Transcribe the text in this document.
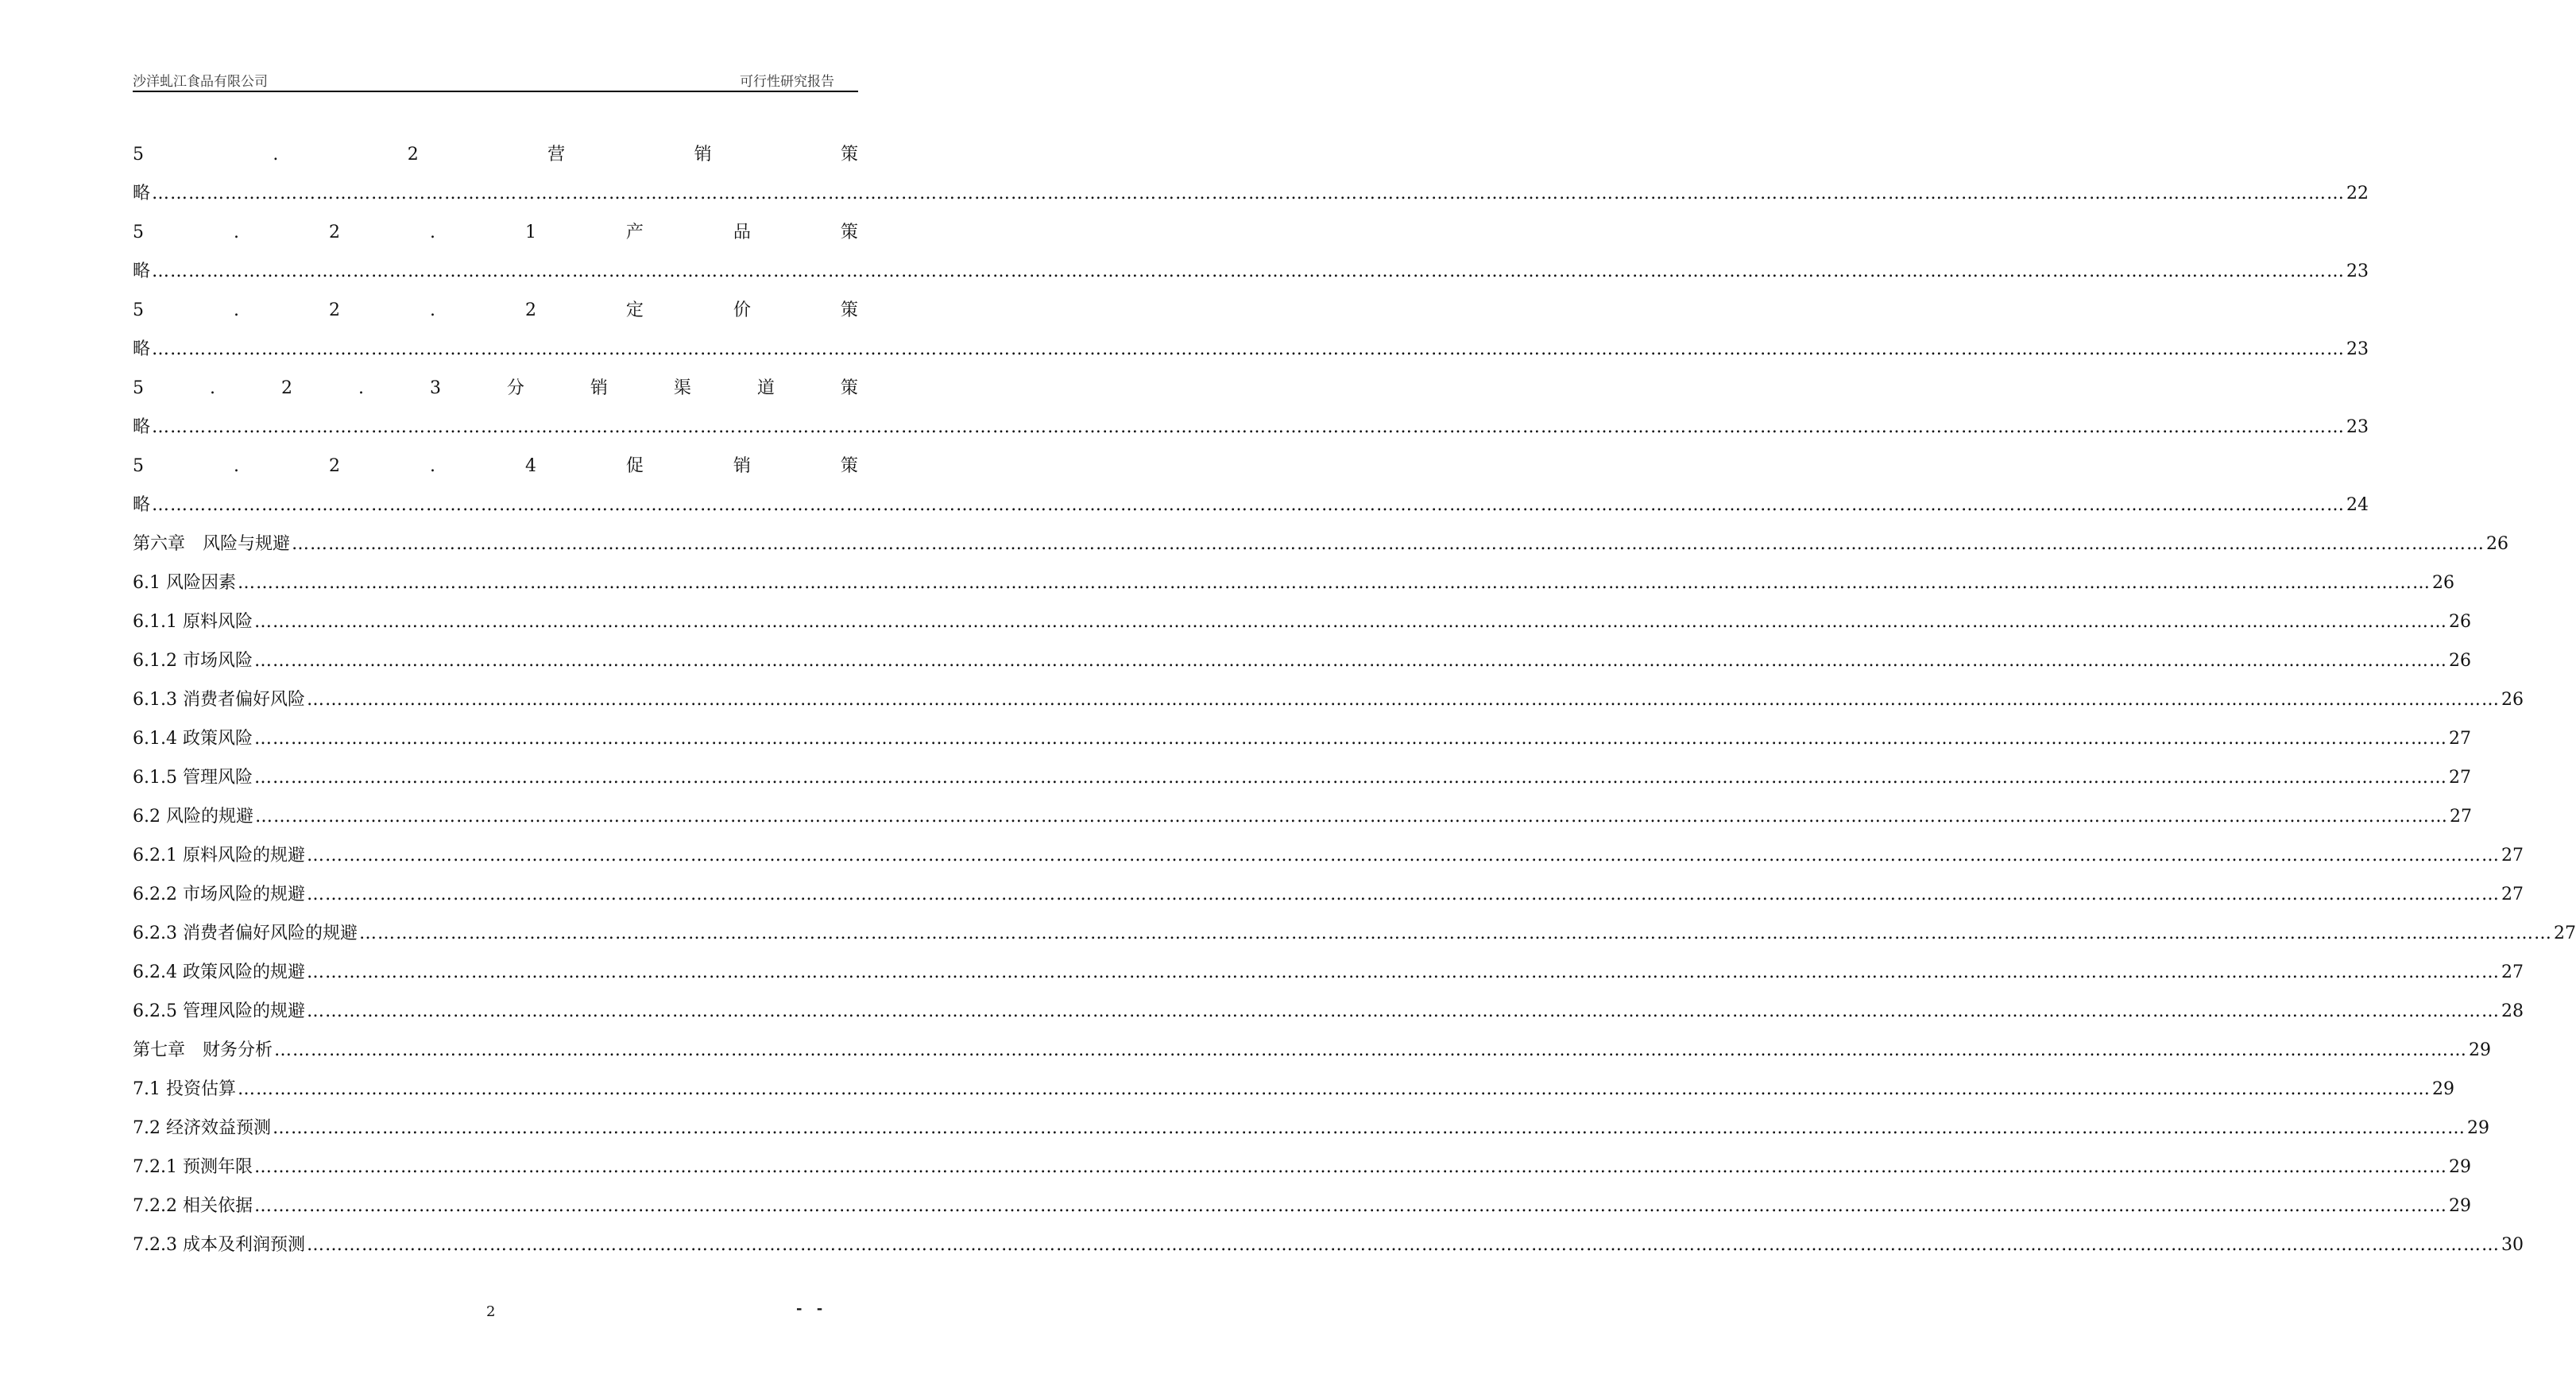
沙洋虬江食品有限公司	可行性研究报告
5	.	2	营	销	策
略 ……………………………………………………………………………………………………………………………………………………………………………………………………………………………………………………………………………………………………………………………… 22
5	.	2	.	1	产	品	策
略 ……………………………………………………………………………………………………………………………………………………………………………………………………………………………………………………………………………………………………………………………… 23
5	.	2	.	2	定	价	策
略 ……………………………………………………………………………………………………………………………………………………………………………………………………………………………………………………………………………………………………………………………… 23
5	.	2	.	3	分	销	渠	道	策
略 ……………………………………………………………………………………………………………………………………………………………………………………………………………………………………………………………………………………………………………………………… 23
5	.	2	.	4	促	销	策
略 ……………………………………………………………………………………………………………………………………………………………………………………………………………………………………………………………………………………………………………………………… 24
第六章　风险与规避 ……………………………………………………………………………………………………………………………………………………………………………………………………………………………………………………………………………………………………………………………… 26
6.1 风险因素 ……………………………………………………………………………………………………………………………………………………………………………………………………………………………………………………………………………………………………………………………… 26
6.1.1 原料风险 ……………………………………………………………………………………………………………………………………………………………………………………………………………………………………………………………………………………………………………………………… 26
6.1.2 市场风险 ……………………………………………………………………………………………………………………………………………………………………………………………………………………………………………………………………………………………………………………………… 26
6.1.3 消费者偏好风险 ……………………………………………………………………………………………………………………………………………………………………………………………………………………………………………………………………………………………………………………………… 26
6.1.4 政策风险 ……………………………………………………………………………………………………………………………………………………………………………………………………………………………………………………………………………………………………………………………… 27
6.1.5 管理风险 ……………………………………………………………………………………………………………………………………………………………………………………………………………………………………………………………………………………………………………………………… 27
6.2 风险的规避 ……………………………………………………………………………………………………………………………………………………………………………………………………………………………………………………………………………………………………………………………… 27
6.2.1 原料风险的规避 ……………………………………………………………………………………………………………………………………………………………………………………………………………………………………………………………………………………………………………………………… 27
6.2.2 市场风险的规避 ……………………………………………………………………………………………………………………………………………………………………………………………………………………………………………………………………………………………………………………………… 27
6.2.3 消费者偏好风险的规避 ……………………………………………………………………………………………………………………………………………………………………………………………………………………………………………………………………………………………………………………………… 27
6.2.4 政策风险的规避 ……………………………………………………………………………………………………………………………………………………………………………………………………………………………………………………………………………………………………………………………… 27
6.2.5 管理风险的规避 ……………………………………………………………………………………………………………………………………………………………………………………………………………………………………………………………………………………………………………………………… 28
第七章　财务分析 ……………………………………………………………………………………………………………………………………………………………………………………………………………………………………………………………………………………………………………………………… 29
7.1 投资估算 ……………………………………………………………………………………………………………………………………………………………………………………………………………………………………………………………………………………………………………………………… 29
7.2 经济效益预测 ……………………………………………………………………………………………………………………………………………………………………………………………………………………………………………………………………………………………………………………………… 29
7.2.1 预测年限 ……………………………………………………………………………………………………………………………………………………………………………………………………………………………………………………………………………………………………………………………… 29
7.2.2 相关依据 ……………………………………………………………………………………………………………………………………………………………………………………………………………………………………………………………………………………………………………………………… 29
7.2.3 成本及利润预测 ……………………………………………………………………………………………………………………………………………………………………………………………………………………………………………………………………………………………………………………………… 30
2	- -
